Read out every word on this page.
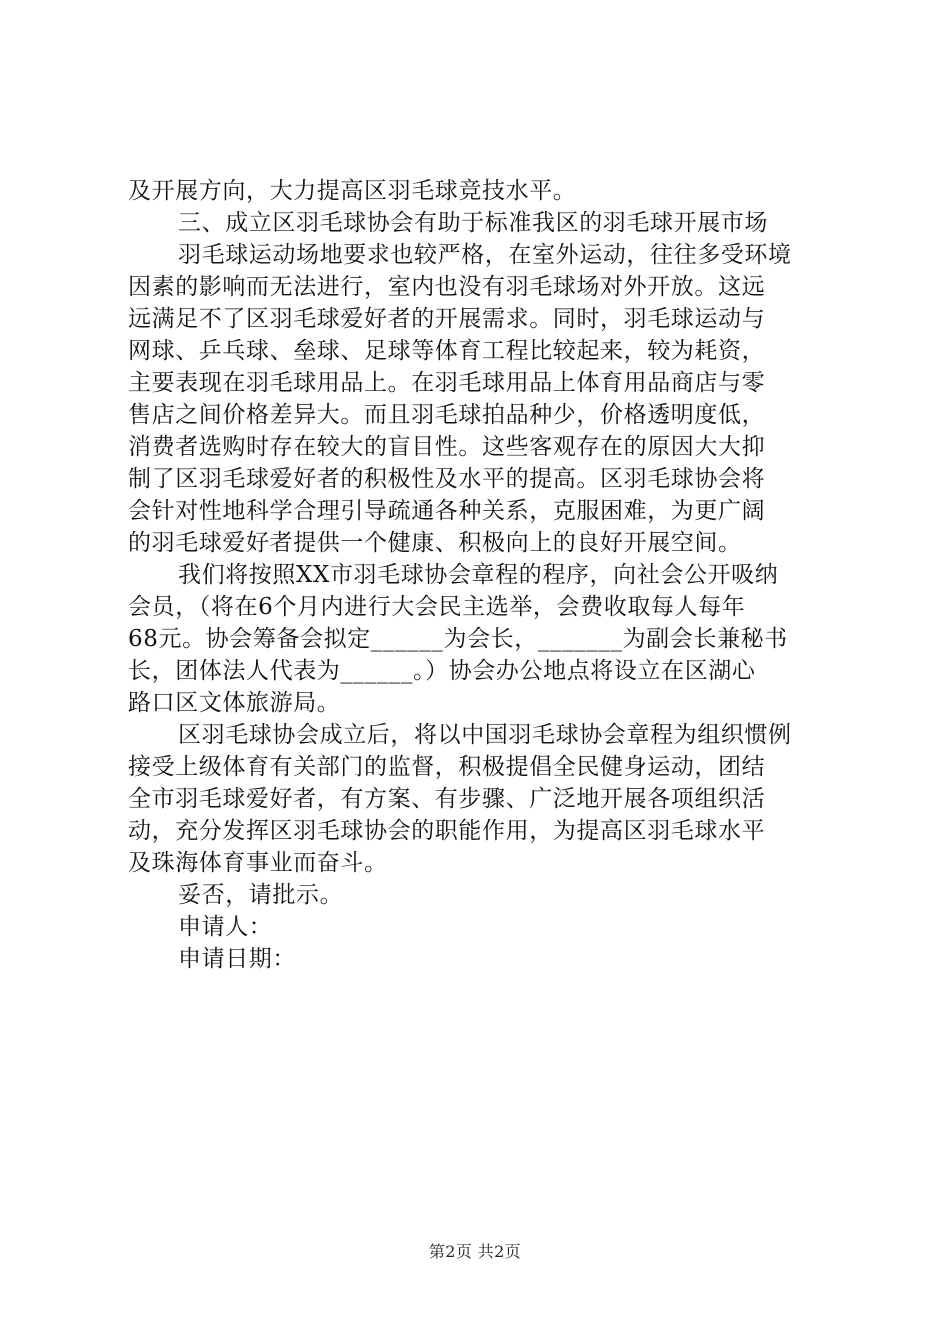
及开展方向，大力提高区羽毛球竞技水平。
三、成立区羽毛球协会有助于标准我区的羽毛球开展市场
羽毛球运动场地要求也较严格，在室外运动，往往多受环境
因素的影响而无法进行，室内也没有羽毛球场对外开放。这远
远满足不了区羽毛球爱好者的开展需求。同时，羽毛球运动与
网球、乒乓球、垒球、足球等体育工程比较起来，较为耗资，
主要表现在羽毛球用品上。在羽毛球用品上体育用品商店与零
售店之间价格差异大。而且羽毛球拍品种少，价格透明度低，
消费者选购时存在较大的盲目性。这些客观存在的原因大大抑
制了区羽毛球爱好者的积极性及水平的提高。区羽毛球协会将
会针对性地科学合理引导疏通各种关系，克服困难，为更广阔
的羽毛球爱好者提供一个健康、积极向上的良好开展空间。
我们将按照XX市羽毛球协会章程的程序，向社会公开吸纳
会员，（将在6个月内进行大会民主选举，会费收取每人每年
68元。协会筹备会拟定______为会长，_______为副会长兼秘书
长，团体法人代表为______。）协会办公地点将设立在区湖心
路口区文体旅游局。
区羽毛球协会成立后，将以中国羽毛球协会章程为组织惯例
接受上级体育有关部门的监督，积极提倡全民健身运动，团结
全市羽毛球爱好者，有方案、有步骤、广泛地开展各项组织活
动，充分发挥区羽毛球协会的职能作用，为提高区羽毛球水平
及珠海体育事业而奋斗。
妥否，请批示。
申请人：
申请日期：
第2页 共2页
